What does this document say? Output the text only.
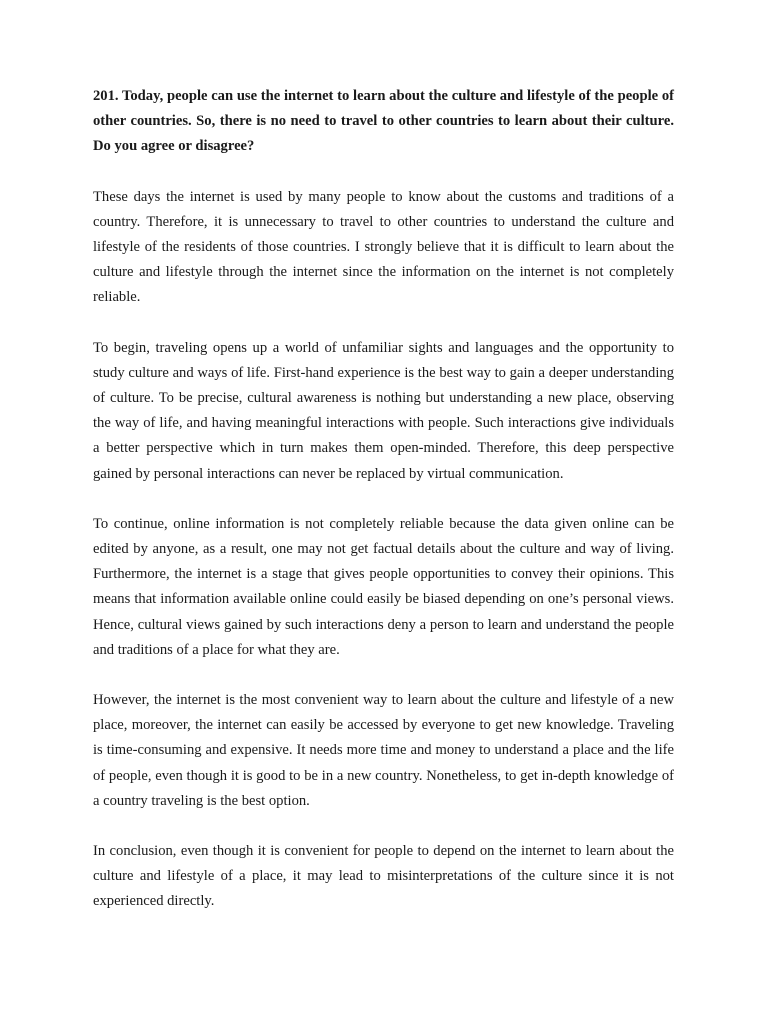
201. Today, people can use the internet to learn about the culture and lifestyle of the people of other countries. So, there is no need to travel to other countries to learn about their culture. Do you agree or disagree?

These days the internet is used by many people to know about the customs and traditions of a country. Therefore, it is unnecessary to travel to other countries to understand the culture and lifestyle of the residents of those countries. I strongly believe that it is difficult to learn about the culture and lifestyle through the internet since the information on the internet is not completely reliable.

To begin, traveling opens up a world of unfamiliar sights and languages and the opportunity to study culture and ways of life. First-hand experience is the best way to gain a deeper understanding of culture. To be precise, cultural awareness is nothing but understanding a new place, observing the way of life, and having meaningful interactions with people. Such interactions give individuals a better perspective which in turn makes them open-minded. Therefore, this deep perspective gained by personal interactions can never be replaced by virtual communication.

To continue, online information is not completely reliable because the data given online can be edited by anyone, as a result, one may not get factual details about the culture and way of living. Furthermore, the internet is a stage that gives people opportunities to convey their opinions. This means that information available online could easily be biased depending on one’s personal views. Hence, cultural views gained by such interactions deny a person to learn and understand the people and traditions of a place for what they are.

However, the internet is the most convenient way to learn about the culture and lifestyle of a new place, moreover, the internet can easily be accessed by everyone to get new knowledge. Traveling is time-consuming and expensive. It needs more time and money to understand a place and the life of people, even though it is good to be in a new country. Nonetheless, to get in-depth knowledge of a country traveling is the best option.

In conclusion, even though it is convenient for people to depend on the internet to learn about the culture and lifestyle of a place, it may lead to misinterpretations of the culture since it is not experienced directly.
